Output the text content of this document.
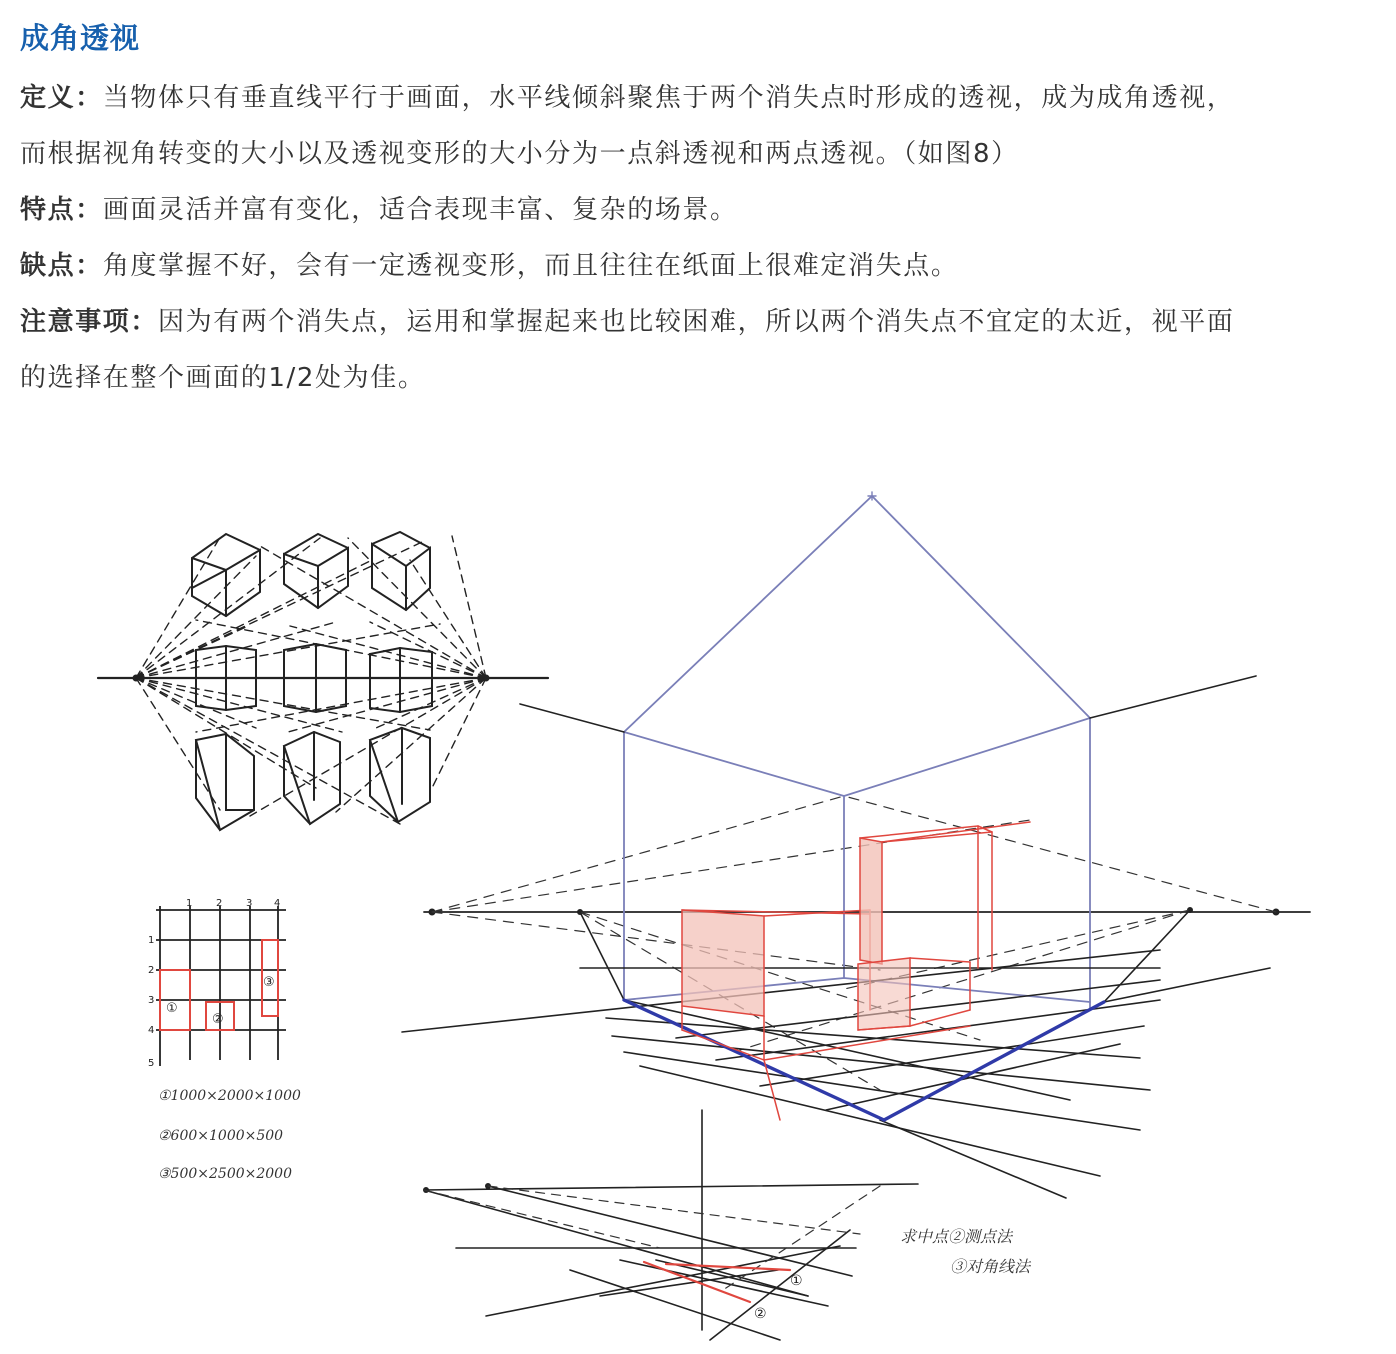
成角透视

定义：当物体只有垂直线平行于画面，水平线倾斜聚焦于两个消失点时形成的透视，成为成角透视，
而根据视角转变的大小以及透视变形的大小分为一点斜透视和两点透视。（如图8）

特点：画面灵活并富有变化，适合表现丰富、复杂的场景。

缺点：角度掌握不好，会有一定透视变形，而且往往在纸面上很难定消失点。

注意事项：因为有两个消失点，运用和掌握起来也比较困难，所以两个消失点不宜定的太近，视平面
的选择在整个画面的1/2处为佳。

1 2 3 4
1
2
3
4
5
①
②
③
①1000×2000×1000
②600×1000×500
③500×2500×2000
①
②
求中点②测点法
③对角线法
